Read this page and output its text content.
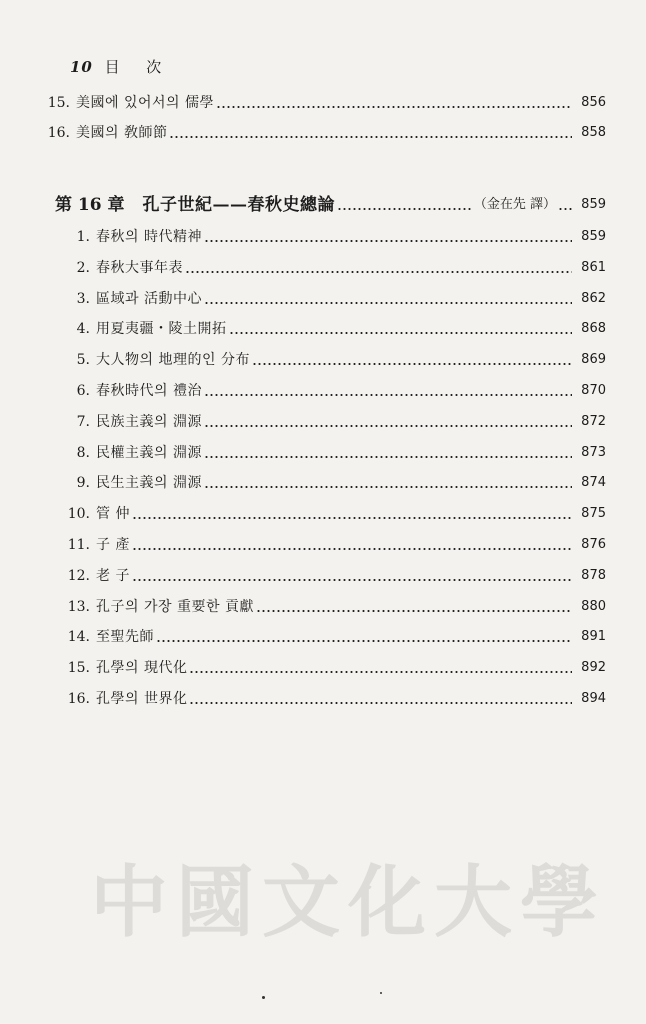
10 目 次
15. 美國에 있어서의 儒學	856
16. 美國의 敎師節	858
第 16 章 孔子世紀——春秋史總論	（金在先 譯）	859
1. 春秋의 時代精神	859
2. 春秋大事年表	861
3. 區域과 活動中心	862
4. 用夏夷疆・陵土開拓	868
5. 大人物의 地理的인 分布	869
6. 春秋時代의 禮治	870
7. 民族主義의 淵源	872
8. 民權主義의 淵源	873
9. 民生主義의 淵源	874
10. 管 仲	875
11. 子 產	876
12. 老 子	878
13. 孔子의 가장 重要한 貢獻	880
14. 至聖先師	891
15. 孔學의 現代化	892
16. 孔學의 世界化	894
中國文化大學
